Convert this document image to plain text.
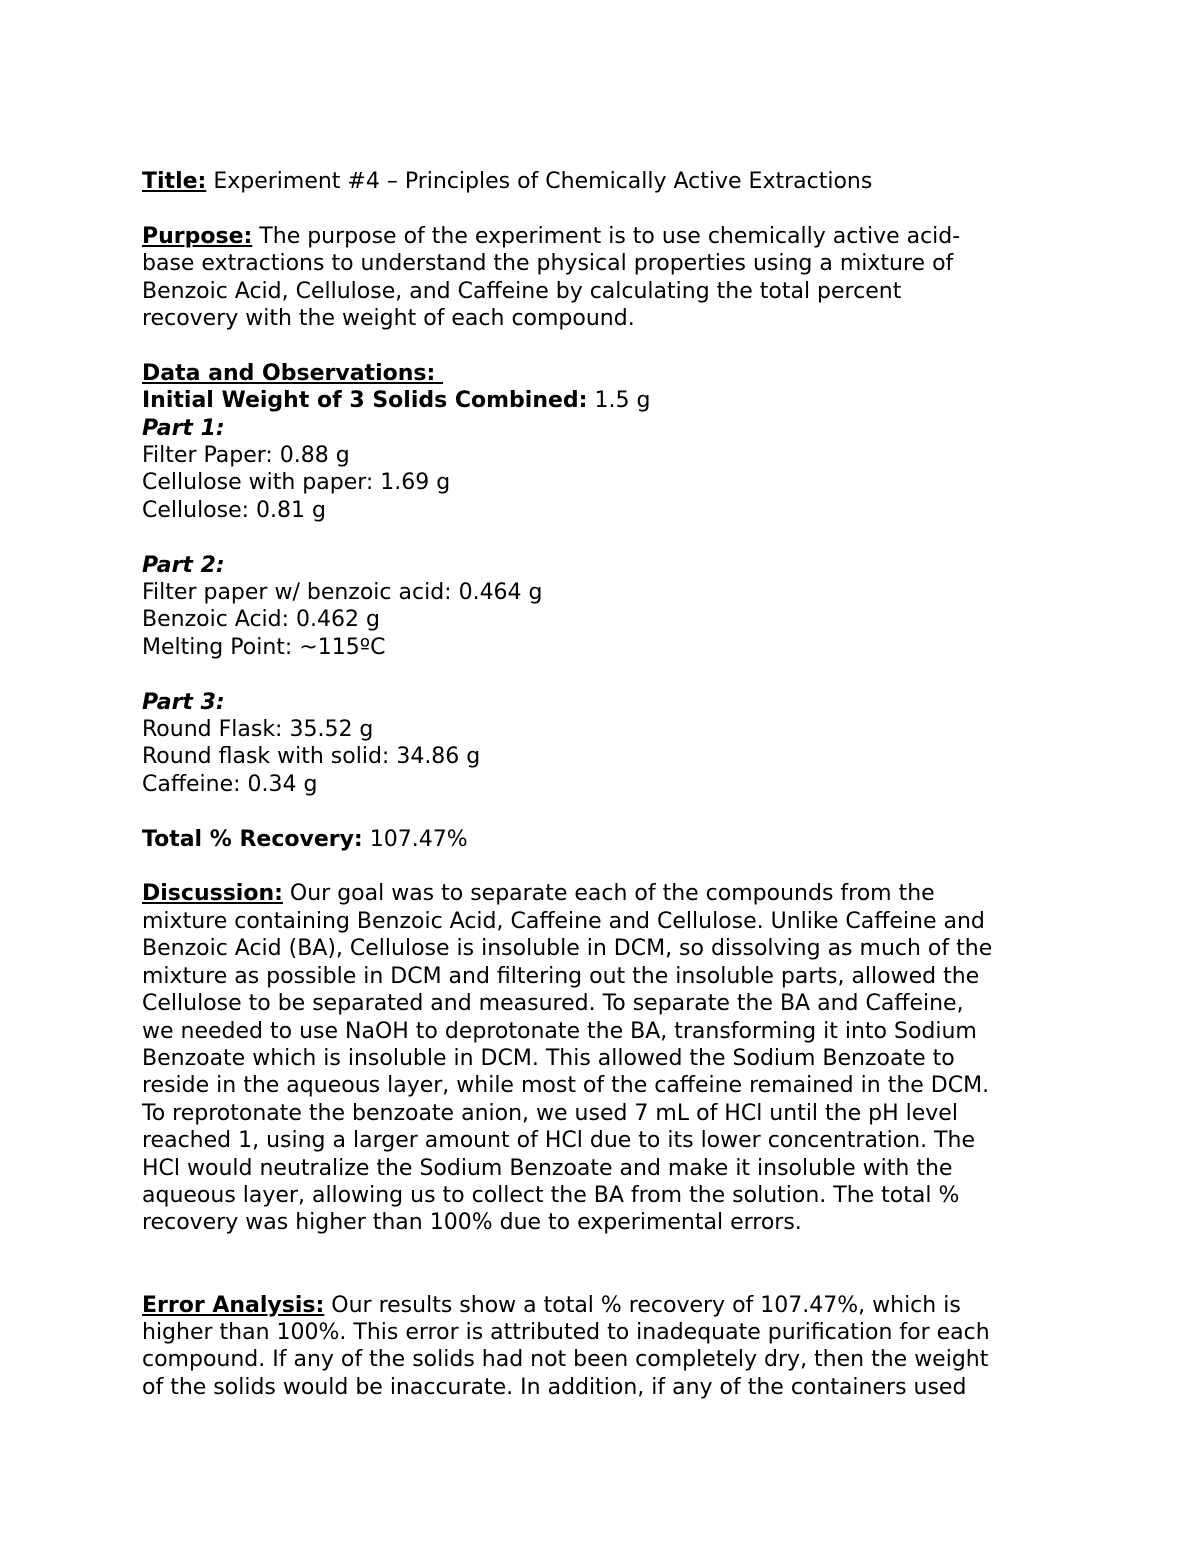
Title: Experiment #4 – Principles of Chemically Active Extractions
Purpose: The purpose of the experiment is to use chemically active acid-
base extractions to understand the physical properties using a mixture of
Benzoic Acid, Cellulose, and Caffeine by calculating the total percent
recovery with the weight of each compound.
Data and Observations:
Initial Weight of 3 Solids Combined: 1.5 g
Part 1:
Filter Paper: 0.88 g
Cellulose with paper: 1.69 g
Cellulose: 0.81 g
Part 2:
Filter paper w/ benzoic acid: 0.464 g
Benzoic Acid: 0.462 g
Melting Point: ~115ºC
Part 3:
Round Flask: 35.52 g
Round flask with solid: 34.86 g
Caffeine: 0.34 g
Total % Recovery: 107.47%
Discussion: Our goal was to separate each of the compounds from the
mixture containing Benzoic Acid, Caffeine and Cellulose. Unlike Caffeine and
Benzoic Acid (BA), Cellulose is insoluble in DCM, so dissolving as much of the
mixture as possible in DCM and filtering out the insoluble parts, allowed the
Cellulose to be separated and measured. To separate the BA and Caffeine,
we needed to use NaOH to deprotonate the BA, transforming it into Sodium
Benzoate which is insoluble in DCM. This allowed the Sodium Benzoate to
reside in the aqueous layer, while most of the caffeine remained in the DCM.
To reprotonate the benzoate anion, we used 7 mL of HCl until the pH level
reached 1, using a larger amount of HCl due to its lower concentration. The
HCl would neutralize the Sodium Benzoate and make it insoluble with the
aqueous layer, allowing us to collect the BA from the solution. The total %
recovery was higher than 100% due to experimental errors.
Error Analysis: Our results show a total % recovery of 107.47%, which is
higher than 100%. This error is attributed to inadequate purification for each
compound. If any of the solids had not been completely dry, then the weight
of the solids would be inaccurate. In addition, if any of the containers used
